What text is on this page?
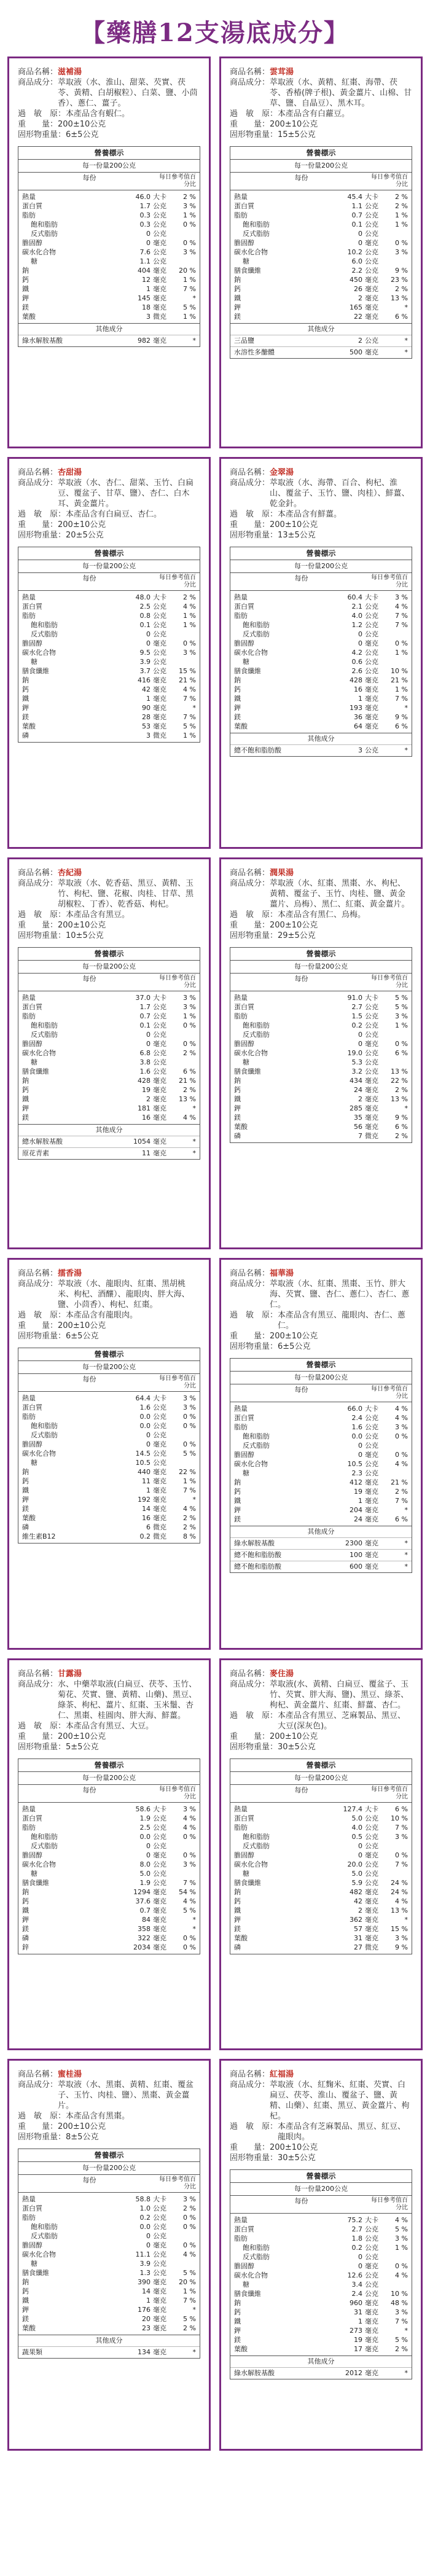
【藥膳12支湯底成分】
商品名稱： 滋補湯
商品成分： 萃取液（水、淮山、甜菜、芡實、茯苓、黃精、白胡椒粒）、白菜、鹽、小茴香）、蔥仁、薑子。
過　敏　原： 本產品含有蝦仁。
重　　量： 200±10公克
固形物重量： 6±5公克
營養標示
每一份量200公克
每份	每日參考值百分比
熱量	46.0 大卡	2 %
蛋白質	1.7 公克	3 %
脂肪	0.3 公克	1 %
飽和脂肪	0.3 公克	0 %
反式脂肪	0 公克
膽固醇	0 毫克	0 %
碳水化合物	7.6 公克	3 %
糖	1.1 公克
鈉	404 毫克	20 %
鈣	12 毫克	1 %
鐵	1 毫克	7 %
鉀	145 毫克	*
鎂	18 毫克	5 %
葉酸	3 微克	1 %
其他成分
綠水解胺基酸	982 毫克	*
商品名稱： 雲茸湯
商品成分： 萃取液（水、黃精、紅棗、海帶、茯苓、香椿(牌子根)、黃金薑片、山棉、甘草、鹽、自晶豆）、黑木耳。
過　敏　原： 本產品含有白蘿豆。
重　　量： 200±10公克
固形物重量： 15±5公克
營養標示
每一份量200公克
每份	每日參考值百分比
熱量	45.4 大卡	2 %
蛋白質	1.1 公克	2 %
脂肪	0.7 公克	1 %
飽和脂肪	0.1 公克	1 %
反式脂肪	0 公克
膽固醇	0 毫克	0 %
碳水化合物	10.2 公克	3 %
糖	6.0 公克
膳食纖維	2.2 公克	9 %
鈉	450 毫克	23 %
鈣	26 毫克	2 %
鐵	2 毫克	13 %
鉀	165 毫克	*
鎂	22 毫克	6 %
其他成分
三品鹽	2 公克	*
水溶性多醣體	500 毫克	*
商品名稱： 杏甜湯
商品成分： 萃取液（水、杏仁、甜菜、玉竹、白扁豆、覆盆子、甘草、鹽）、杏仁、白木耳、黃金薑片。
過　敏　原： 本產品含有白扁豆、杏仁。
重　　量： 200±10公克
固形物重量： 20±5公克
營養標示
每一份量200公克
每份	每日參考值百分比
熱量	48.0 大卡	2 %
蛋白質	2.5 公克	4 %
脂肪	0.8 公克	1 %
飽和脂肪	0.1 公克	1 %
反式脂肪	0 公克
膽固醇	0 毫克	0 %
碳水化合物	9.5 公克	3 %
糖	3.9 公克
膳食纖維	3.7 公克	15 %
鈉	416 毫克	21 %
鈣	42 毫克	4 %
鐵	1 毫克	7 %
鉀	90 毫克	*
鎂	28 毫克	7 %
葉酸	53 毫克	5 %
磷	3 微克	1 %
商品名稱： 金翠湯
商品成分： 萃取液（水、海帶、百合、枸杞、淮山、覆盆子、玉竹、鹽、肉桂）、鮮薑、乾金針。
過　敏　原： 本產品含有鮮薑。
重　　量： 200±10公克
固形物重量： 13±5公克
營養標示
每一份量200公克
每份	每日參考值百分比
熱量	60.4 大卡	3 %
蛋白質	2.1 公克	4 %
脂肪	4.0 公克	7 %
飽和脂肪	1.2 公克	7 %
反式脂肪	0 公克
膽固醇	0 毫克	0 %
碳水化合物	4.2 公克	1 %
糖	0.6 公克
膳食纖維	2.6 公克	10 %
鈉	428 毫克	21 %
鈣	16 毫克	1 %
鐵	1 毫克	7 %
鉀	193 毫克	*
鎂	36 毫克	9 %
葉酸	64 毫克	6 %
其他成分
總不飽和脂肪酸	3 公克	*
商品名稱： 杏紀湯
商品成分： 萃取液（水、乾香菇、黑豆、黃精、玉竹、枸杞、鹽、花椒、肉桂、甘草、黑胡椒粒、丁香）、乾香菇、枸杞。
過　敏　原： 本產品含有黑豆。
重　　量： 200±10公克
固形物重量： 10±5公克
營養標示
每一份量200公克
每份	每日參考值百分比
熱量	37.0 大卡	3 %
蛋白質	1.7 公克	3 %
脂肪	0.7 公克	1 %
飽和脂肪	0.1 公克	0 %
反式脂肪	0 公克
膽固醇	0 毫克	0 %
碳水化合物	6.8 公克	2 %
糖	3.8 公克
膳食纖維	1.6 公克	6 %
鈉	428 毫克	21 %
鈣	19 毫克	2 %
鐵	2 毫克	13 %
鉀	181 毫克	*
鎂	16 毫克	4 %
其他成分
總水解胺基酸	1054 毫克	*
原花青素	11 毫克	*
商品名稱： 潤果湯
商品成分： 萃取液（水、紅棗、黑棗、水、枸杞、黃精、覆盆子、玉竹、肉桂、鹽、黃金薑片、烏梅）、黑仁、紅棗、黃金薑片。
過　敏　原： 本產品含有黑仁、烏梅。
重　　量： 200±10公克
固形物重量： 29±5公克
營養標示
每一份量200公克
每份	每日參考值百分比
熱量	91.0 大卡	5 %
蛋白質	2.7 公克	5 %
脂肪	1.5 公克	3 %
飽和脂肪	0.2 公克	1 %
反式脂肪	0 公克
膽固醇	0 毫克	0 %
碳水化合物	19.0 公克	6 %
糖	5.3 公克
膳食纖維	3.2 公克	13 %
鈉	434 毫克	22 %
鈣	24 毫克	2 %
鐵	2 毫克	13 %
鉀	285 毫克	*
鎂	35 毫克	9 %
葉酸	56 毫克	6 %
磷	7 微克	2 %
商品名稱： 擂香湯
商品成分： 萃取液（水、龍眼肉、紅棗、黑胡桃米、枸杞、酒釀）、龍眼肉、胖大海、鹽、小茴香）、枸杞、紅棗。
過　敏　原： 本產品含有龍眼肉。
重　　量： 200±10公克
固形物重量： 6±5公克
營養標示
每一份量200公克
每份	每日參考值百分比
熱量	64.4 大卡	3 %
蛋白質	1.6 公克	3 %
脂肪	0.0 公克	0 %
飽和脂肪	0.0 公克	0 %
反式脂肪	0 公克
膽固醇	0 毫克	0 %
碳水化合物	14.5 公克	5 %
糖	10.5 公克
鈉	440 毫克	22 %
鈣	11 毫克	1 %
鐵	1 毫克	7 %
鉀	192 毫克	*
鎂	14 毫克	4 %
葉酸	16 毫克	2 %
磷	6 微克	2 %
維生素B12	0.2 微克	8 %
商品名稱： 福華湯
商品成分： 萃取液（水、紅棗、黑棗、玉竹、胖大海、芡實、鹽、杏仁、蔥仁）、杏仁、蔥仁。
過　敏　原： 本產品含有黑豆、龍眼肉、杏仁、蔥仁。
重　　量： 200±10公克
固形物重量： 6±5公克
營養標示
每一份量200公克
每份	每日參考值百分比
熱量	66.0 大卡	4 %
蛋白質	2.4 公克	4 %
脂肪	1.6 公克	3 %
飽和脂肪	0.0 公克	0 %
反式脂肪	0 公克
膽固醇	0 毫克	0 %
碳水化合物	10.5 公克	4 %
糖	2.3 公克
鈉	412 毫克	21 %
鈣	19 毫克	2 %
鐵	1 毫克	7 %
鉀	204 毫克	*
鎂	24 毫克	6 %
其他成分
綠水解胺基酸	2300 毫克	*
總不飽和脂肪酸	100 毫克	*
總不飽和脂肪酸	600 毫克	*
商品名稱： 甘露湯
商品成分： 水、中藥萃取液(白扁豆、茯苓、玉竹、菊花、芡實、鹽、黃精、山藥)、黑豆、綠茶、枸杞、薑片、紅棗、玉米鬚、杏仁、黑棗、桂圓肉、胖大海、鮮薑。
過　敏　原： 本產品含有黑豆、大豆。
重　　量： 200±10公克
固形物重量： 5±5公克
營養標示
每一份量200公克
每份	每日參考值百分比
熱量	58.6 大卡	3 %
蛋白質	1.9 公克	4 %
脂肪	2.5 公克	4 %
飽和脂肪	0.0 公克	0 %
反式脂肪	0 公克
膽固醇	0 毫克	0 %
碳水化合物	8.0 公克	3 %
糖	5.0 公克
膳食纖維	1.9 公克	7 %
鈉	1294 毫克	54 %
鈣	37.6 毫克	4 %
鐵	0.7 毫克	5 %
鉀	84 毫克	*
鎂	358 毫克	*
磷	322 毫克	0 %
鋅	2034 毫克	0 %
商品名稱： 麥住湯
商品成分： 萃取液(水、黃精、白扁豆、覆盆子、玉竹、芡實、胖大海、鹽)、黑豆、綠茶、枸杞、黃金薑片、紅棗、鮮薑、杏仁。
過　敏　原： 本產品含有黑豆、芝麻製品、黑豆、大豆(深灰色)。
重　　量： 200±10公克
固形物重量： 30±5公克
營養標示
每一份量200公克
每份	每日參考值百分比
熱量	127.4 大卡	6 %
蛋白質	5.0 公克	10 %
脂肪	4.0 公克	7 %
飽和脂肪	0.5 公克	3 %
反式脂肪	0 公克
膽固醇	0 毫克	0 %
碳水化合物	20.0 公克	7 %
糖	5.0 公克
膳食纖維	5.9 公克	24 %
鈉	482 毫克	24 %
鈣	42 毫克	4 %
鐵	2 毫克	13 %
鉀	362 毫克	*
鎂	57 毫克	15 %
葉酸	31 毫克	3 %
磷	27 微克	9 %
商品名稱： 蜜桂湯
商品成分： 萃取液（水、黑棗、黃精、紅棗、覆盆子、玉竹、肉桂、鹽）、黑棗、黃金薑片。
過　敏　原： 本產品含有黑棗。
重　　量： 200±10公克
固形物重量： 8±5公克
營養標示
每一份量200公克
每份	每日參考值百分比
熱量	58.8 大卡	3 %
蛋白質	1.0 公克	2 %
脂肪	0.2 公克	0 %
飽和脂肪	0.0 公克	0 %
反式脂肪	0 公克
膽固醇	0 毫克	0 %
碳水化合物	11.1 公克	4 %
糖	3.9 公克
膳食纖維	1.3 公克	5 %
鈉	390 毫克	20 %
鈣	14 毫克	1 %
鐵	1 毫克	7 %
鉀	176 毫克	*
鎂	20 毫克	5 %
葉酸	23 毫克	2 %
其他成分
蔬果類	134 毫克	*
商品名稱： 紅福湯
商品成分： 萃取液（水、紅麴米、紅棗、芡實、白扁豆、茯苓、淮山、覆盆子、鹽、黃精、山藥）、紅棗、黑豆、黃金薑片、枸杞。
過　敏　原： 本產品含有芝麻製品、黑豆、紅豆、龍眼肉。
重　　量： 200±10公克
固形物重量： 30±5公克
營養標示
每一份量200公克
每份	每日參考值百分比
熱量	75.2 大卡	4 %
蛋白質	2.7 公克	5 %
脂肪	1.8 公克	3 %
飽和脂肪	0.2 公克	1 %
反式脂肪	0 公克
膽固醇	0 毫克	0 %
碳水化合物	12.6 公克	4 %
糖	3.4 公克
膳食纖維	2.4 公克	10 %
鈉	960 毫克	48 %
鈣	31 毫克	3 %
鐵	1 毫克	7 %
鉀	273 毫克	*
鎂	19 毫克	5 %
葉酸	17 毫克	2 %
其他成分
綠水解胺基酸	2012 毫克	*
